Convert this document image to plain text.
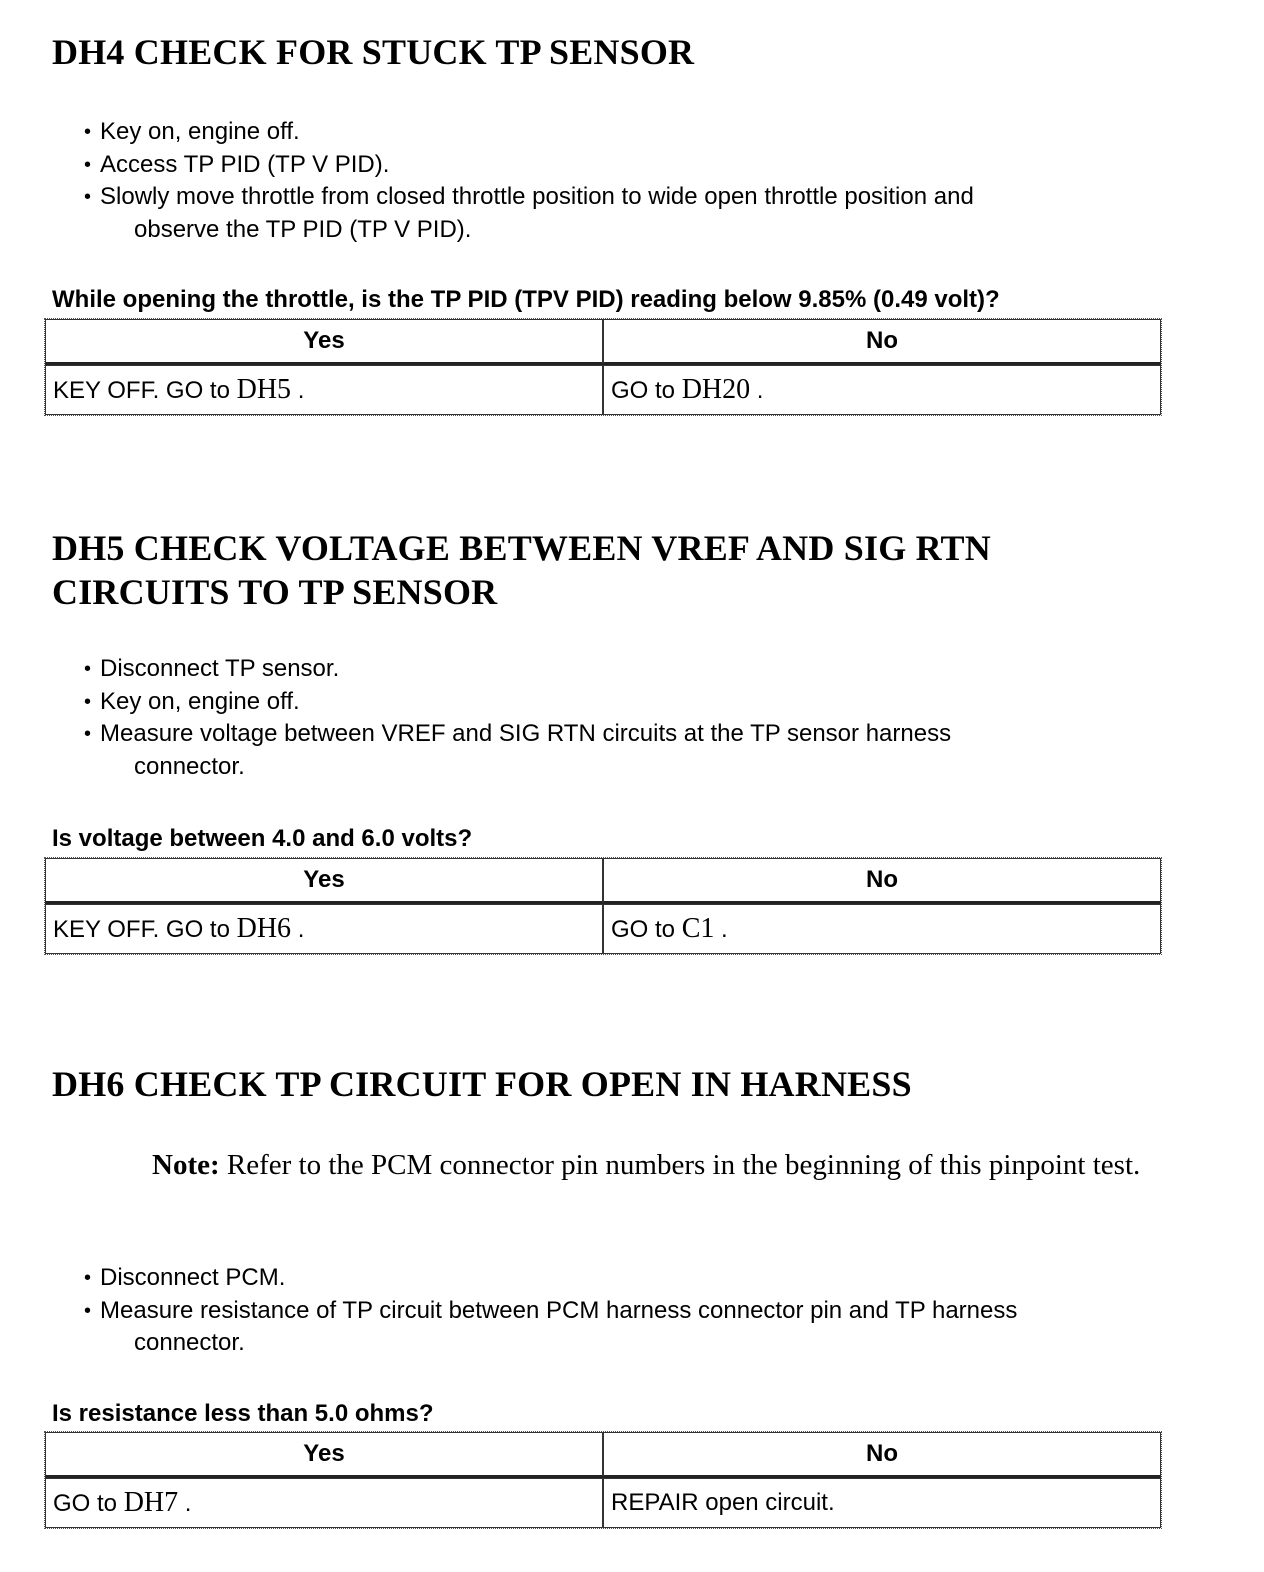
DH4 CHECK FOR STUCK TP SENSOR
• Key on, engine off.
• Access TP PID (TP V PID).
• Slowly move throttle from closed throttle position to wide open throttle position and
observe the TP PID (TP V PID).
While opening the throttle, is the TP PID (TPV PID) reading below 9.85% (0.49 volt)?
Yes	No
KEY OFF. GO to DH5 .	GO to DH20 .
DH5 CHECK VOLTAGE BETWEEN VREF AND SIG RTN
CIRCUITS TO TP SENSOR
• Disconnect TP sensor.
• Key on, engine off.
• Measure voltage between VREF and SIG RTN circuits at the TP sensor harness
connector.
Is voltage between 4.0 and 6.0 volts?
Yes	No
KEY OFF. GO to DH6 .	GO to C1 .
DH6 CHECK TP CIRCUIT FOR OPEN IN HARNESS
Note: Refer to the PCM connector pin numbers in the beginning of this pinpoint test.
• Disconnect PCM.
• Measure resistance of TP circuit between PCM harness connector pin and TP harness
connector.
Is resistance less than 5.0 ohms?
Yes	No
GO to DH7 .	REPAIR open circuit.
